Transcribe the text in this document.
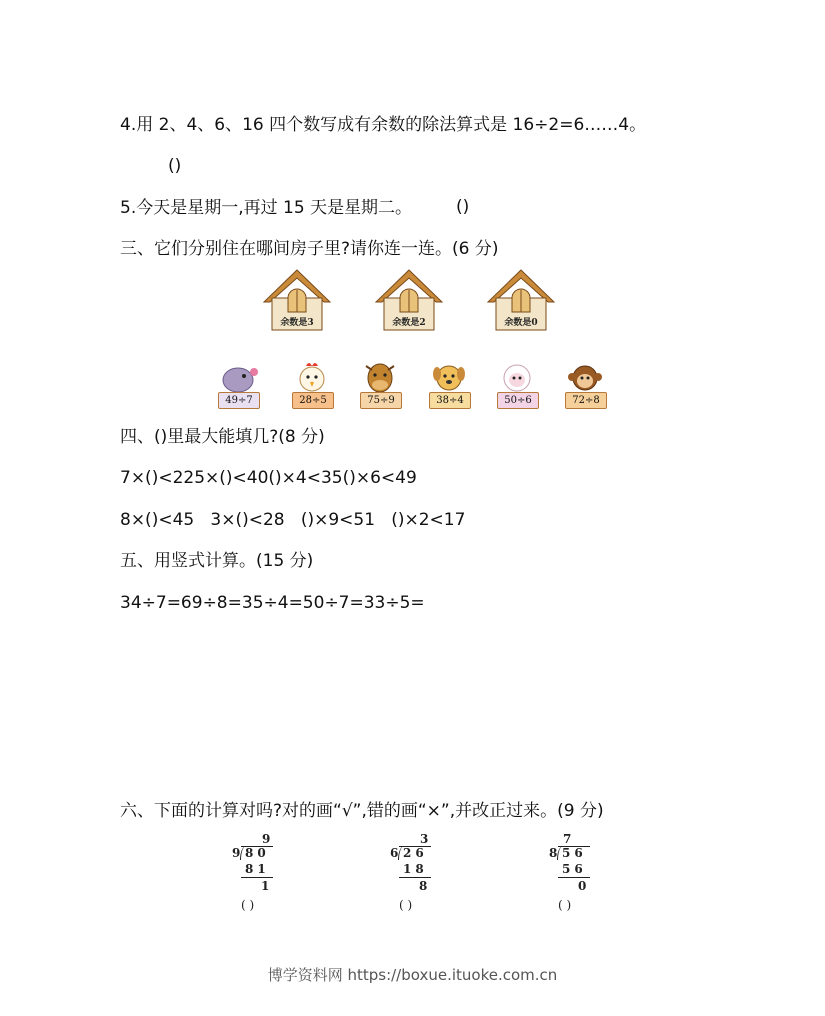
4.用 2、4、6、16 四个数写成有余数的除法算式是 16÷2=6……4。
()
5.今天是星期一,再过 15 天是星期二。	()
三、它们分别住在哪间房子里?请你连一连。(6 分)
余数是3	余数是2	余数是0
49÷7	28÷5	75÷9	38÷4	50÷6	72÷8
四、()里最大能填几?(8 分)
7×()<225×()<40()×4<35()×6<49
8×()<45   3×()<28   ()×9<51   ()×2<17
五、用竖式计算。(15 分)
34÷7=69÷8=35÷4=50÷7=33÷5=
六、下面的计算对吗?对的画“√”,错的画“×”,并改正过来。(9 分)
9
9 80
81
1
( )
3
6 26
18
8
( )
7
8 56
56
0
( )
博学资料网 https://boxue.ituoke.com.cn
